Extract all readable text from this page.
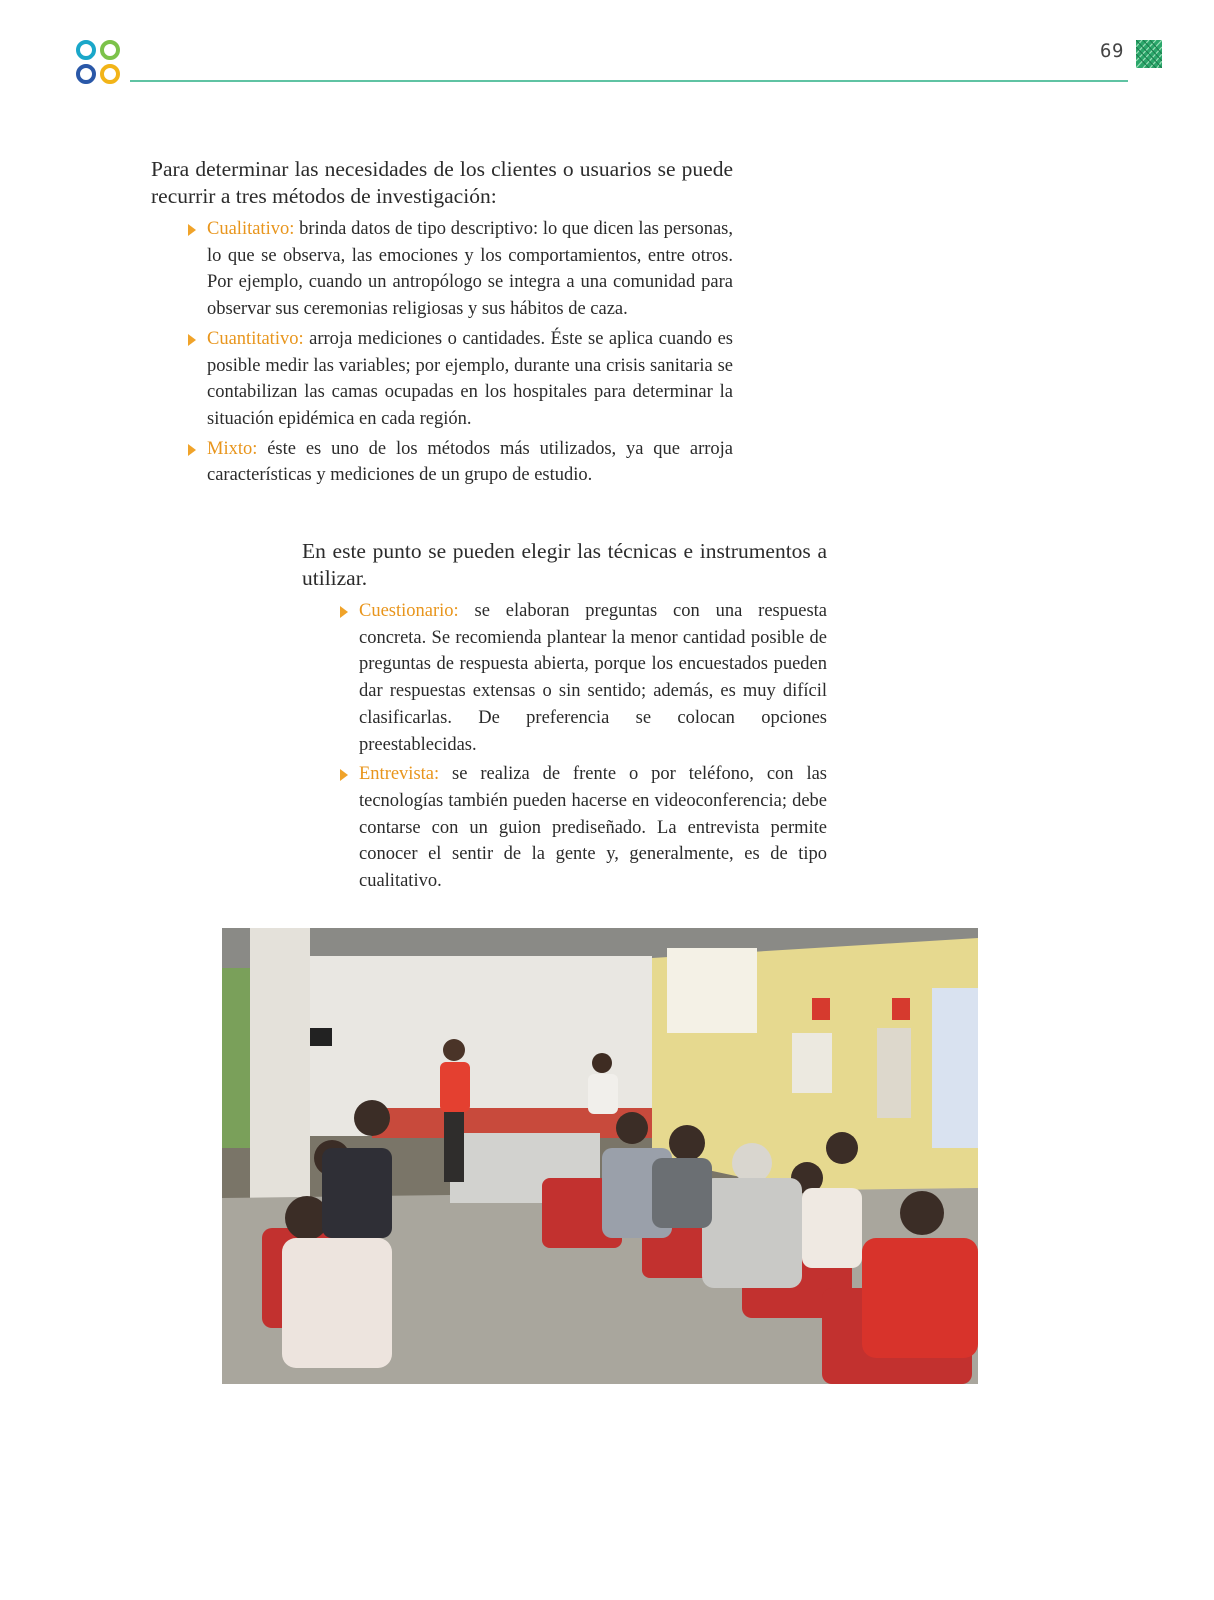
69
Para determinar las necesidades de los clientes o usuarios se puede recurrir a tres métodos de investigación:
Cualitativo: brinda datos de tipo descriptivo: lo que dicen las personas, lo que se observa, las emociones y los comportamientos, entre otros. Por ejemplo, cuando un antropólogo se integra a una comunidad para observar sus ceremonias religiosas y sus hábitos de caza.
Cuantitativo: arroja mediciones o cantidades. Éste se aplica cuando es posible medir las variables; por ejemplo, durante una crisis sanitaria se contabilizan las camas ocupadas en los hospitales para determinar la situación epidémica en cada región.
Mixto: éste es uno de los métodos más utilizados, ya que arroja características y mediciones de un grupo de estudio.
En este punto se pueden elegir las técnicas e instrumentos a utilizar.
Cuestionario: se elaboran preguntas con una respuesta concreta. Se recomienda plantear la menor cantidad posible de preguntas de respuesta abierta, porque los encuestados pueden dar respuestas extensas o sin sentido; además, es muy difícil clasificarlas. De preferencia se colocan opciones preestablecidas.
Entrevista: se realiza de frente o por teléfono, con las tecnologías también pueden hacerse en videoconferencia; debe contarse con un guion prediseñado. La entrevista permite conocer el sentir de la gente y, generalmente, es de tipo cualitativo.
